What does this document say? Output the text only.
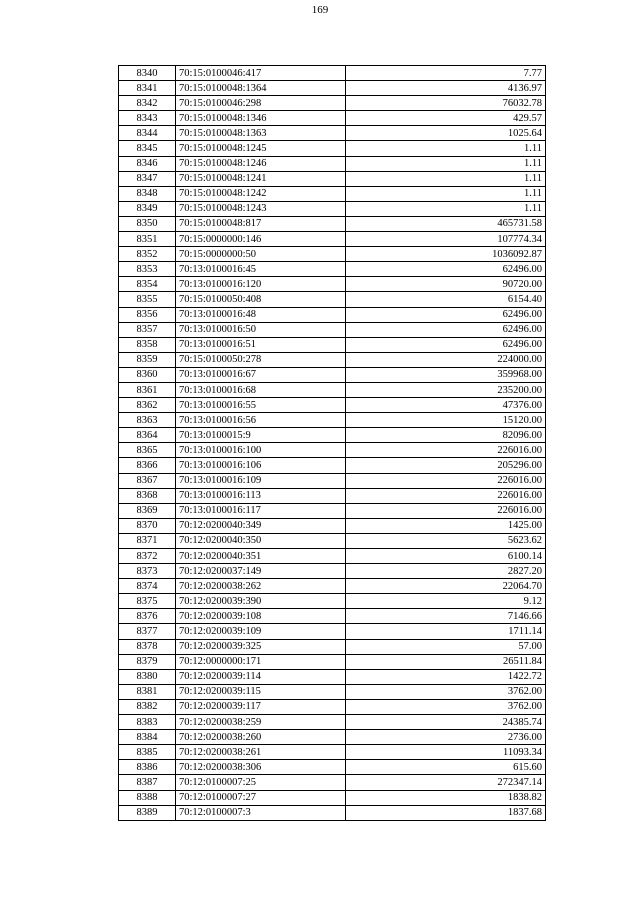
169
8340	70:15:0100046:417	7.77
8341	70:15:0100048:1364	4136.97
8342	70:15:0100046:298	76032.78
8343	70:15:0100048:1346	429.57
8344	70:15:0100048:1363	1025.64
8345	70:15:0100048:1245	1.11
8346	70:15:0100048:1246	1.11
8347	70:15:0100048:1241	1.11
8348	70:15:0100048:1242	1.11
8349	70:15:0100048:1243	1.11
8350	70:15:0100048:817	465731.58
8351	70:15:0000000:146	107774.34
8352	70:15:0000000:50	1036092.87
8353	70:13:0100016:45	62496.00
8354	70:13:0100016:120	90720.00
8355	70:15:0100050:408	6154.40
8356	70:13:0100016:48	62496.00
8357	70:13:0100016:50	62496.00
8358	70:13:0100016:51	62496.00
8359	70:15:0100050:278	224000.00
8360	70:13:0100016:67	359968.00
8361	70:13:0100016:68	235200.00
8362	70:13:0100016:55	47376.00
8363	70:13:0100016:56	15120.00
8364	70:13:0100015:9	82096.00
8365	70:13:0100016:100	226016.00
8366	70:13:0100016:106	205296.00
8367	70:13:0100016:109	226016.00
8368	70:13:0100016:113	226016.00
8369	70:13:0100016:117	226016.00
8370	70:12:0200040:349	1425.00
8371	70:12:0200040:350	5623.62
8372	70:12:0200040:351	6100.14
8373	70:12:0200037:149	2827.20
8374	70:12:0200038:262	22064.70
8375	70:12:0200039:390	9.12
8376	70:12:0200039:108	7146.66
8377	70:12:0200039:109	1711.14
8378	70:12:0200039:325	57.00
8379	70:12:0000000:171	26511.84
8380	70:12:0200039:114	1422.72
8381	70:12:0200039:115	3762.00
8382	70:12:0200039:117	3762.00
8383	70:12:0200038:259	24385.74
8384	70:12:0200038:260	2736.00
8385	70:12:0200038:261	11093.34
8386	70:12:0200038:306	615.60
8387	70:12:0100007:25	272347.14
8388	70:12:0100007:27	1838.82
8389	70:12:0100007:3	1837.68
